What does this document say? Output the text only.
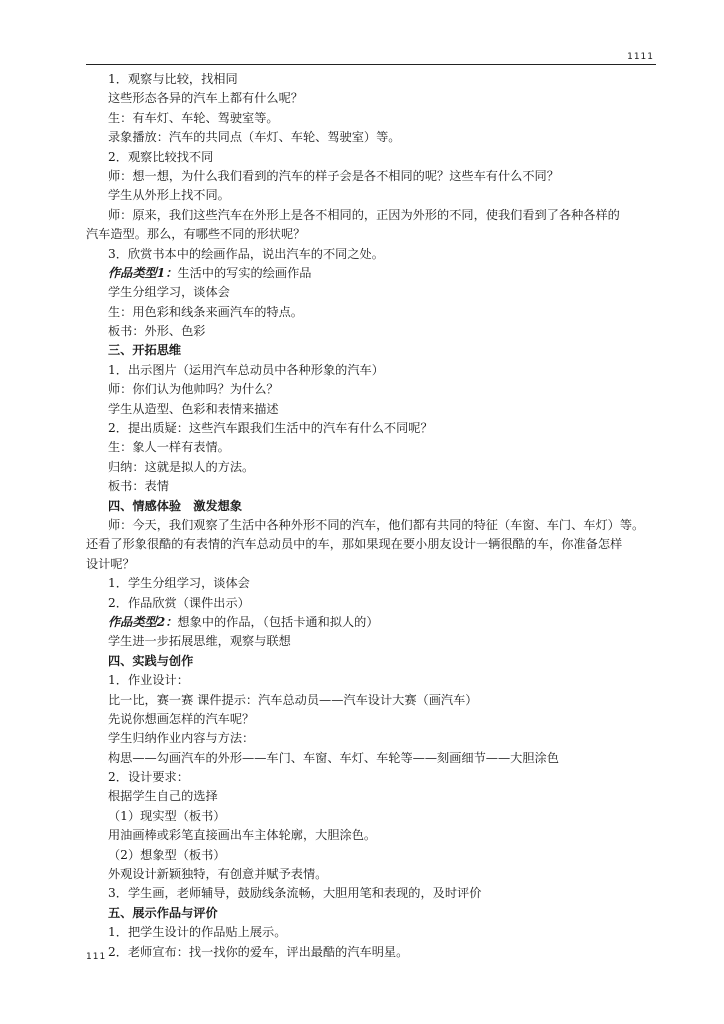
1111
1．观察与比较，找相同
这些形态各异的汽车上都有什么呢？
生：有车灯、车轮、驾驶室等。
录象播放：汽车的共同点（车灯、车轮、驾驶室）等。
2．观察比较找不同
师：想一想，为什么我们看到的汽车的样子会是各不相同的呢？这些车有什么不同？
学生从外形上找不同。
师：原来，我们这些汽车在外形上是各不相同的，正因为外形的不同，使我们看到了各种各样的
汽车造型。那么，有哪些不同的形状呢？
3．欣赏书本中的绘画作品，说出汽车的不同之处。
作品类型1：生活中的写实的绘画作品
学生分组学习，谈体会
生：用色彩和线条来画汽车的特点。
板书：外形、色彩
三、开拓思维
1．出示图片（运用汽车总动员中各种形象的汽车）
师：你们认为他帅吗？为什么？
学生从造型、色彩和表情来描述
2．提出质疑：这些汽车跟我们生活中的汽车有什么不同呢？
生：象人一样有表情。
归纳：这就是拟人的方法。
板书：表情
四、情感体验　激发想象
师：今天，我们观察了生活中各种外形不同的汽车，他们都有共同的特征（车窗、车门、车灯）等。
还看了形象很酷的有表情的汽车总动员中的车，那如果现在要小朋友设计一辆很酷的车，你准备怎样
设计呢？
1．学生分组学习，谈体会
2．作品欣赏（课件出示）
作品类型2：想象中的作品，（包括卡通和拟人的）
学生进一步拓展思维，观察与联想
四、实践与创作
1．作业设计：
比一比，赛一赛 课件提示：汽车总动员——汽车设计大赛（画汽车）
先说你想画怎样的汽车呢？
学生归纳作业内容与方法：
构思——勾画汽车的外形——车门、车窗、车灯、车轮等——刻画细节——大胆涂色
2．设计要求：
根据学生自己的选择
（1）现实型（板书）
用油画棒或彩笔直接画出车主体轮廓，大胆涂色。
（2）想象型（板书）
外观设计新颖独特，有创意并赋予表情。
3．学生画，老师辅导，鼓励线条流畅，大胆用笔和表现的，及时评价
五、展示作品与评价
1．把学生设计的作品贴上展示。
2．老师宣布：找一找你的爱车，评出最酷的汽车明星。
111
